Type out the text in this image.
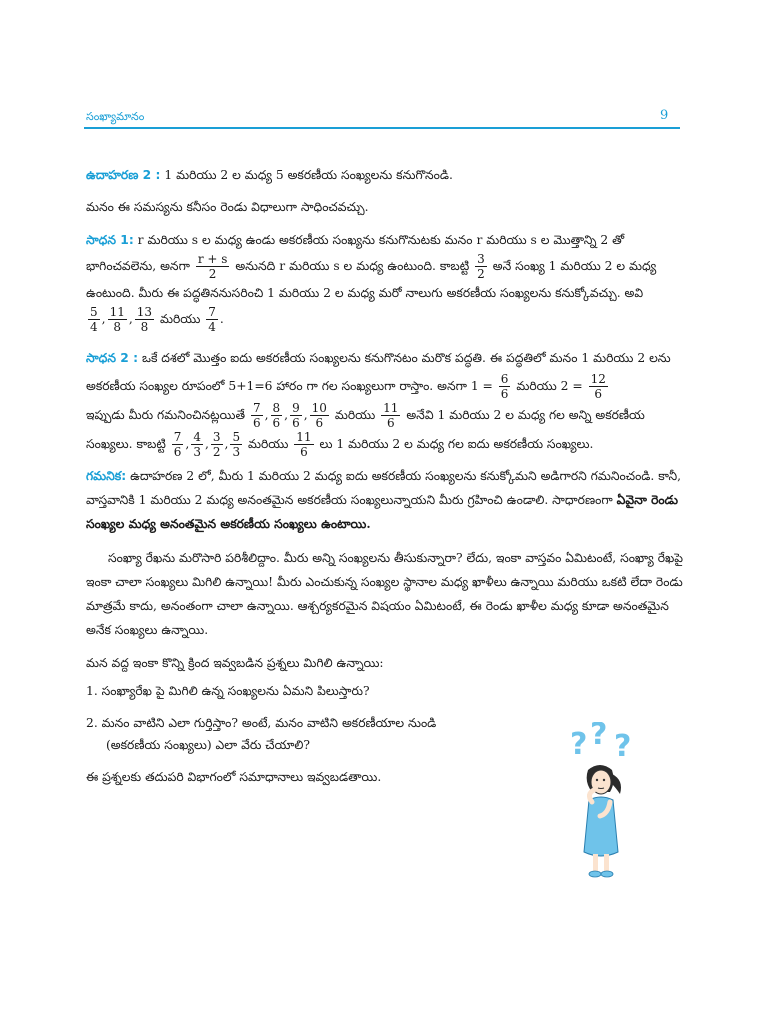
సంఖ్యామానం	9

ఉదాహరణ 2 : 1 మరియు 2 ల మధ్య 5 అకరణీయ సంఖ్యలను కనుగొనండి.

మనం ఈ సమస్యను కనీసం రెండు విధాలుగా సాధించవచ్చు.

సాధన 1: r మరియు s ల మధ్య ఉండు అకరణీయ సంఖ్యను కనుగొనుటకు మనం r మరియు s ల మొత్తాన్ని 2 తో భాగించవలెను, అనగా $\frac{r + s}{2}$ అనునది r మరియు s ల మధ్య ఉంటుంది. కాబట్టి $\frac{3}{2}$ అనే సంఖ్య 1 మరియు 2 ల మధ్య ఉంటుంది. మీరు ఈ పద్ధతిననుసరించి 1 మరియు 2 ల మధ్య మరో నాలుగు అకరణీయ సంఖ్యలను కనుక్కోవచ్చు. అవి

$\frac{5}{4}$ , $\frac{11}{8}$ , $\frac{13}{8}$ మరియు $\frac{7}{4}$ .

సాధన 2 : ఒకే దశలో మొత్తం ఐదు అకరణీయ సంఖ్యలను కనుగొనటం మరొక పద్ధతి. ఈ పద్ధతిలో మనం 1 మరియు 2 లను అకరణీయ సంఖ్యల రూపంలో 5+1=6 హారం గా గల సంఖ్యలుగా రాస్తాం. అనగా $1 = \frac{6}{6}$ మరియు $2 = \frac{12}{6}$

ఇప్పుడు మీరు గమనించినట్లయితే $\frac{7}{6}$ , $\frac{8}{6}$ , $\frac{9}{6}$ , $\frac{10}{6}$ మరియు $\frac{11}{6}$ అనేవి 1 మరియు 2 ల మధ్య గల అన్ని అకరణీయ సంఖ్యలు. కాబట్టి $\frac{7}{6}$ , $\frac{4}{3}$ , $\frac{3}{2}$ , $\frac{5}{3}$ మరియు $\frac{11}{6}$ లు 1 మరియు 2 ల మధ్య గల ఐదు అకరణీయ సంఖ్యలు.

గమనిక: ఉదాహరణ 2 లో, మీరు 1 మరియు 2 మధ్య ఐదు అకరణీయ సంఖ్యలను కనుక్కోమని అడిగారని గమనించండి. కానీ, వాస్తవానికి 1 మరియు 2 మధ్య అనంతమైన అకరణీయ సంఖ్యలున్నాయని మీరు గ్రహించి ఉండాలి. సాధారణంగా ఏవైనా రెండు సంఖ్యల మధ్య అనంతమైన అకరణీయ సంఖ్యలు ఉంటాయి.

సంఖ్యా రేఖను మరొసారి పరిశీలిద్దాం. మీరు అన్ని సంఖ్యలను తీసుకున్నారా? లేదు, ఇంకా వాస్తవం ఏమిటంటే, సంఖ్యా రేఖపై ఇంకా చాలా సంఖ్యలు మిగిలి ఉన్నాయి! మీరు ఎంచుకున్న సంఖ్యల స్థానాల మధ్య ఖాళీలు ఉన్నాయి మరియు ఒకటి లేదా రెండు మాత్రమే కాదు, అనంతంగా చాలా ఉన్నాయి. ఆశ్చర్యకరమైన విషయం ఏమిటంటే, ఈ రెండు ఖాళీల మధ్య కూడా అనంతమైన అనేక సంఖ్యలు ఉన్నాయి.

మన వద్ద ఇంకా కొన్ని క్రింద ఇవ్వబడిన ప్రశ్నలు మిగిలి ఉన్నాయి:

1. సంఖ్యారేఖ పై మిగిలి ఉన్న సంఖ్యలను ఏమని పిలుస్తారు?

2. మనం వాటిని ఎలా గుర్తిస్తాం? అంటే, మనం వాటిని అకరణీయాల నుండి

(అకరణీయ సంఖ్యలు) ఎలా వేరు చేయాలి?

ఈ ప్రశ్నలకు తదుపరి విభాగంలో సమాధానాలు ఇవ్వబడతాయి.

? ? ?
